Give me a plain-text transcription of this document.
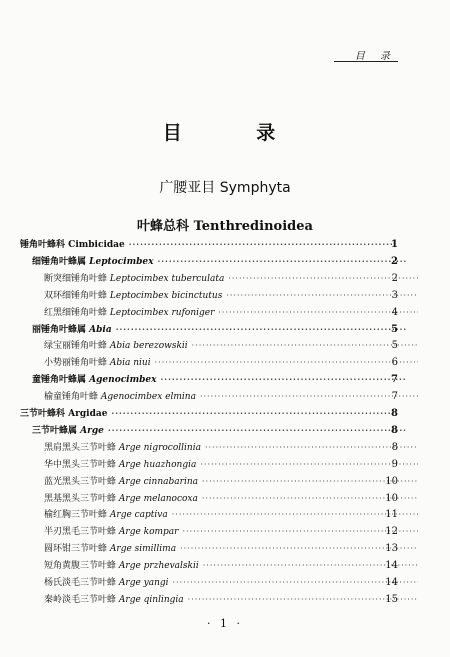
目 录
目 录
广腰亚目 Symphyta
叶蜂总科 Tenthredinoidea
锤角叶蜂科 Cimbicidae ·····	1
细锤角叶蜂属 Leptocimbex ·····	2
断突细锤角叶蜂 Leptocimbex tuberculata ·····	2
双环细锤角叶蜂 Leptocimbex bicinctutus ·····	3
红黑细锤角叶蜂 Leptocimbex rufoniger ·····	4
丽锤角叶蜂属 Abia ·····	5
绿宝丽锤角叶蜂 Abia berezowskii ·····	5
小势丽锤角叶蜂 Abia niui ·····	6
童锤角叶蜂属 Agenocimbex ·····	7
榆童锤角叶蜂 Agenocimbex elmina ·····	7
三节叶蜂科 Argidae ·····	8
三节叶蜂属 Arge ·····	8
黑肩黑头三节叶蜂 Arge nigrocollinia ·····	8
华中黑头三节叶蜂 Arge huazhongia ·····	9
蓝光黑头三节叶蜂 Arge cinnabarina ·····	10
黑基黑头三节叶蜂 Arge melanocoxa ·····	10
榆红胸三节叶蜂 Arge captiva ·····	11
半刃黑毛三节叶蜂 Arge kompar ·····	12
圆环钳三节叶蜂 Arge simillima ·····	13
短角黄腹三节叶蜂 Arge przhevalskii ·····	14
杨氏淡毛三节叶蜂 Arge yangi ·····	14
秦岭淡毛三节叶蜂 Arge qinlingia ·····	15
· 1 ·
